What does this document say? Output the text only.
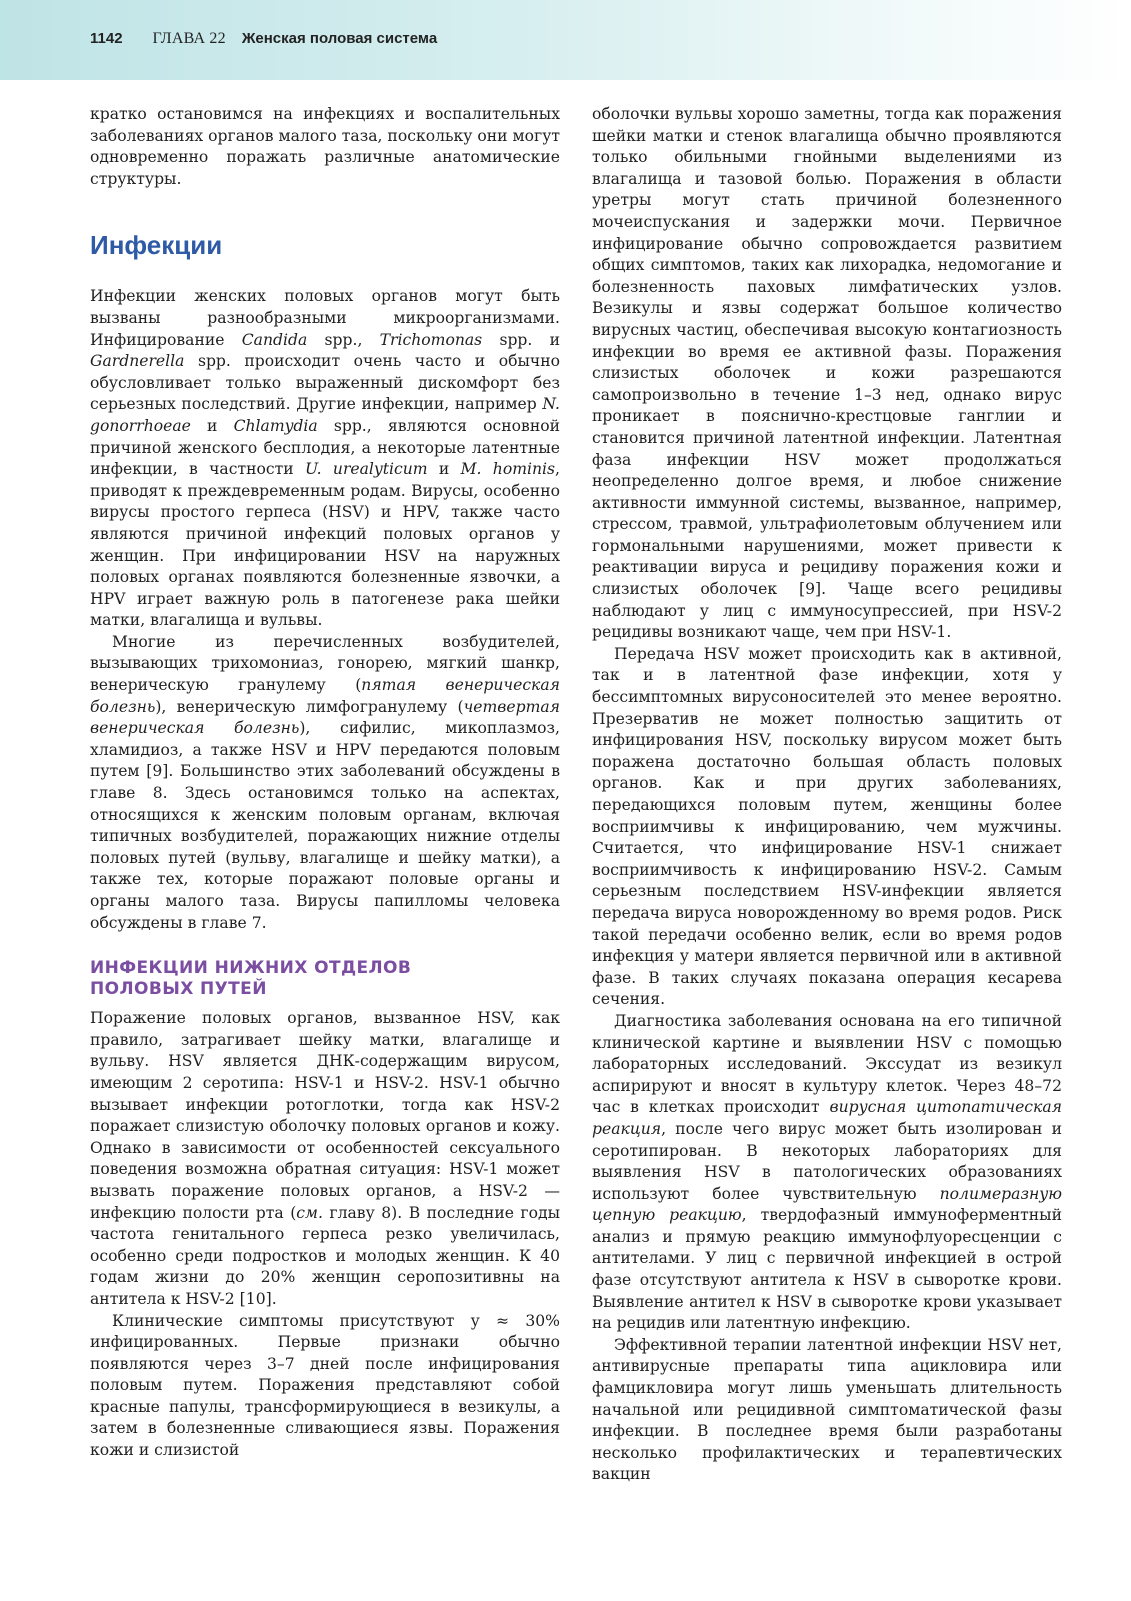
1142 ГЛАВА 22 Женская половая система

кратко остановимся на инфекциях и воспалительных заболеваниях органов малого таза, поскольку они могут одновременно поражать различные анатомические структуры.

Инфекции

Инфекции женских половых органов могут быть вызваны разнообразными микроорганизмами. Инфицирование Candida spp., Trichomonas spp. и Gardnerella spp. происходит очень часто и обычно обусловливает только выраженный дискомфорт без серьезных последствий. Другие инфекции, например N. gonorrhoeae и Chlamydia spp., являются основной причиной женского бесплодия, а некоторые латентные инфекции, в частности U. urealyticum и M. hominis, приводят к преждевременным родам. Вирусы, особенно вирусы простого герпеса (HSV) и HPV, также часто являются причиной инфекций половых органов у женщин. При инфицировании HSV на наружных половых органах появляются болезненные язвочки, а HPV играет важную роль в патогенезе рака шейки матки, влагалища и вульвы.

Многие из перечисленных возбудителей, вызывающих трихомониаз, гонорею, мягкий шанкр, венерическую гранулему (пятая венерическая болезнь), венерическую лимфогранулему (четвертая венерическая болезнь), сифилис, микоплазмоз, хламидиоз, а также HSV и HPV передаются половым путем [9]. Большинство этих заболеваний обсуждены в главе 8. Здесь остановимся только на аспектах, относящихся к женским половым органам, включая типичных возбудителей, поражающих нижние отделы половых путей (вульву, влагалище и шейку матки), а также тех, которые поражают половые органы и органы малого таза. Вирусы папилломы человека обсуждены в главе 7.

ИНФЕКЦИИ НИЖНИХ ОТДЕЛОВ
ПОЛОВЫХ ПУТЕЙ

Поражение половых органов, вызванное HSV, как правило, затрагивает шейку матки, влагалище и вульву. HSV является ДНК-содержащим вирусом, имеющим 2 серотипа: HSV-1 и HSV-2. HSV-1 обычно вызывает инфекции ротоглотки, тогда как HSV-2 поражает слизистую оболочку половых органов и кожу. Однако в зависимости от особенностей сексуального поведения возможна обратная ситуация: HSV-1 может вызвать поражение половых органов, а HSV-2 — инфекцию полости рта (см. главу 8). В последние годы частота генитального герпеса резко увеличилась, особенно среди подростков и молодых женщин. К 40 годам жизни до 20% женщин серопозитивны на антитела к HSV-2 [10].

Клинические симптомы присутствуют у ≈ 30% инфицированных. Первые признаки обычно появляются через 3–7 дней после инфицирования половым путем. Поражения представляют собой красные папулы, трансформирующиеся в везикулы, а затем в болезненные сливающиеся язвы. Поражения кожи и слизистой

оболочки вульвы хорошо заметны, тогда как поражения шейки матки и стенок влагалища обычно проявляются только обильными гнойными выделениями из влагалища и тазовой болью. Поражения в области уретры могут стать причиной болезненного мочеиспускания и задержки мочи. Первичное инфицирование обычно сопровождается развитием общих симптомов, таких как лихорадка, недомогание и болезненность паховых лимфатических узлов. Везикулы и язвы содержат большое количество вирусных частиц, обеспечивая высокую контагиозность инфекции во время ее активной фазы. Поражения слизистых оболочек и кожи разрешаются самопроизвольно в течение 1–3 нед, однако вирус проникает в пояснично-крестцовые ганглии и становится причиной латентной инфекции. Латентная фаза инфекции HSV может продолжаться неопределенно долгое время, и любое снижение активности иммунной системы, вызванное, например, стрессом, травмой, ультрафиолетовым облучением или гормональными нарушениями, может привести к реактивации вируса и рецидиву поражения кожи и слизистых оболочек [9]. Чаще всего рецидивы наблюдают у лиц с иммуносупрессией, при HSV-2 рецидивы возникают чаще, чем при HSV-1.

Передача HSV может происходить как в активной, так и в латентной фазе инфекции, хотя у бессимптомных вирусоносителей это менее вероятно. Презерватив не может полностью защитить от инфицирования HSV, поскольку вирусом может быть поражена достаточно большая область половых органов. Как и при других заболеваниях, передающихся половым путем, женщины более восприимчивы к инфицированию, чем мужчины. Считается, что инфицирование HSV-1 снижает восприимчивость к инфицированию HSV-2. Самым серьезным последствием HSV-инфекции является передача вируса новорожденному во время родов. Риск такой передачи особенно велик, если во время родов инфекция у матери является первичной или в активной фазе. В таких случаях показана операция кесарева сечения.

Диагностика заболевания основана на его типичной клинической картине и выявлении HSV с помощью лабораторных исследований. Экссудат из везикул аспирируют и вносят в культуру клеток. Через 48–72 час в клетках происходит вирусная цитопатическая реакция, после чего вирус может быть изолирован и серотипирован. В некоторых лабораториях для выявления HSV в патологических образованиях используют более чувствительную полимеразную цепную реакцию, твердофазный иммуноферментный анализ и прямую реакцию иммунофлуоресценции с антителами. У лиц с первичной инфекцией в острой фазе отсутствуют антитела к HSV в сыворотке крови. Выявление антител к HSV в сыворотке крови указывает на рецидив или латентную инфекцию.

Эффективной терапии латентной инфекции HSV нет, антивирусные препараты типа ацикловира или фамцикловира могут лишь уменьшать длительность начальной или рецидивной симптоматической фазы инфекции. В последнее время были разработаны несколько профилактических и терапевтических вакцин
